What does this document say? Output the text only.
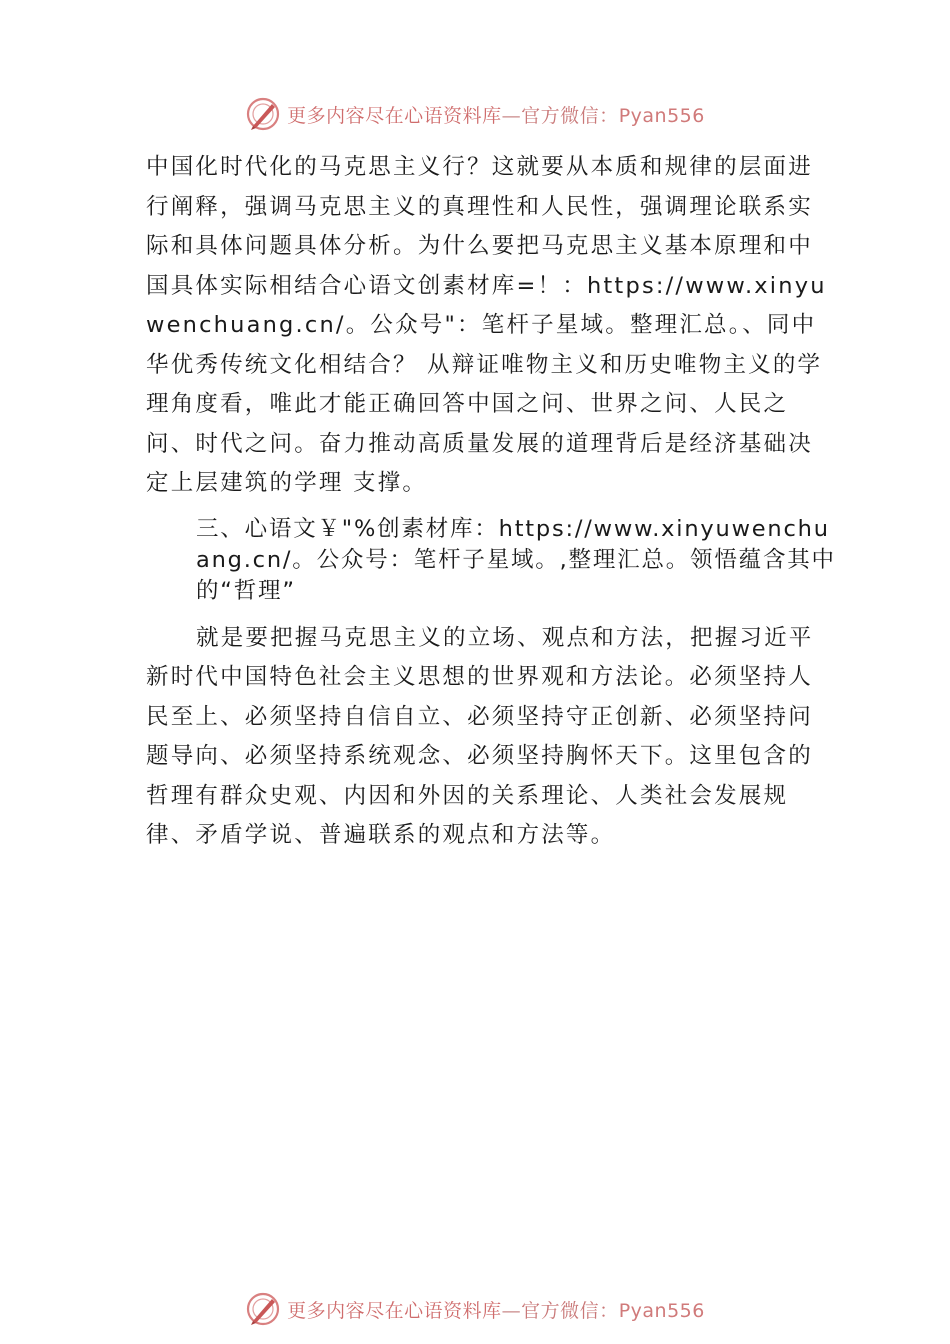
更多内容尽在心语资料库—官方微信：Pyan556

中国化时代化的马克思主义行？这就要从本质和规律的层面进行阐释，强调马克思主义的真理性和人民性，强调理论联系实际和具体问题具体分析。为什么要把马克思主义基本原理和中国具体实际相结合心语文创素材库=！：https://www.xinyuwenchuang.cn/。公众号"：笔杆子星域。整理汇总。、同中华优秀传统文化相结合？ 从辩证唯物主义和历史唯物主义的学理角度看，唯此才能正确回答中国之问、世界之问、人民之问、时代之问。奋力推动高质量发展的道理背后是经济基础决定上层建筑的学理 支撑。

三、心语文￥"%创素材库：https://www.xinyuwenchuang.cn/。公众号：笔杆子星域。,整理汇总。领悟蕴含其中的“哲理”

就是要把握马克思主义的立场、观点和方法，把握习近平新时代中国特色社会主义思想的世界观和方法论。必须坚持人民至上、必须坚持自信自立、必须坚持守正创新、必须坚持问题导向、必须坚持系统观念、必须坚持胸怀天下。这里包含的哲理有群众史观、内因和外因的关系理论、人类社会发展规律、矛盾学说、普遍联系的观点和方法等。

更多内容尽在心语资料库—官方微信：Pyan556
